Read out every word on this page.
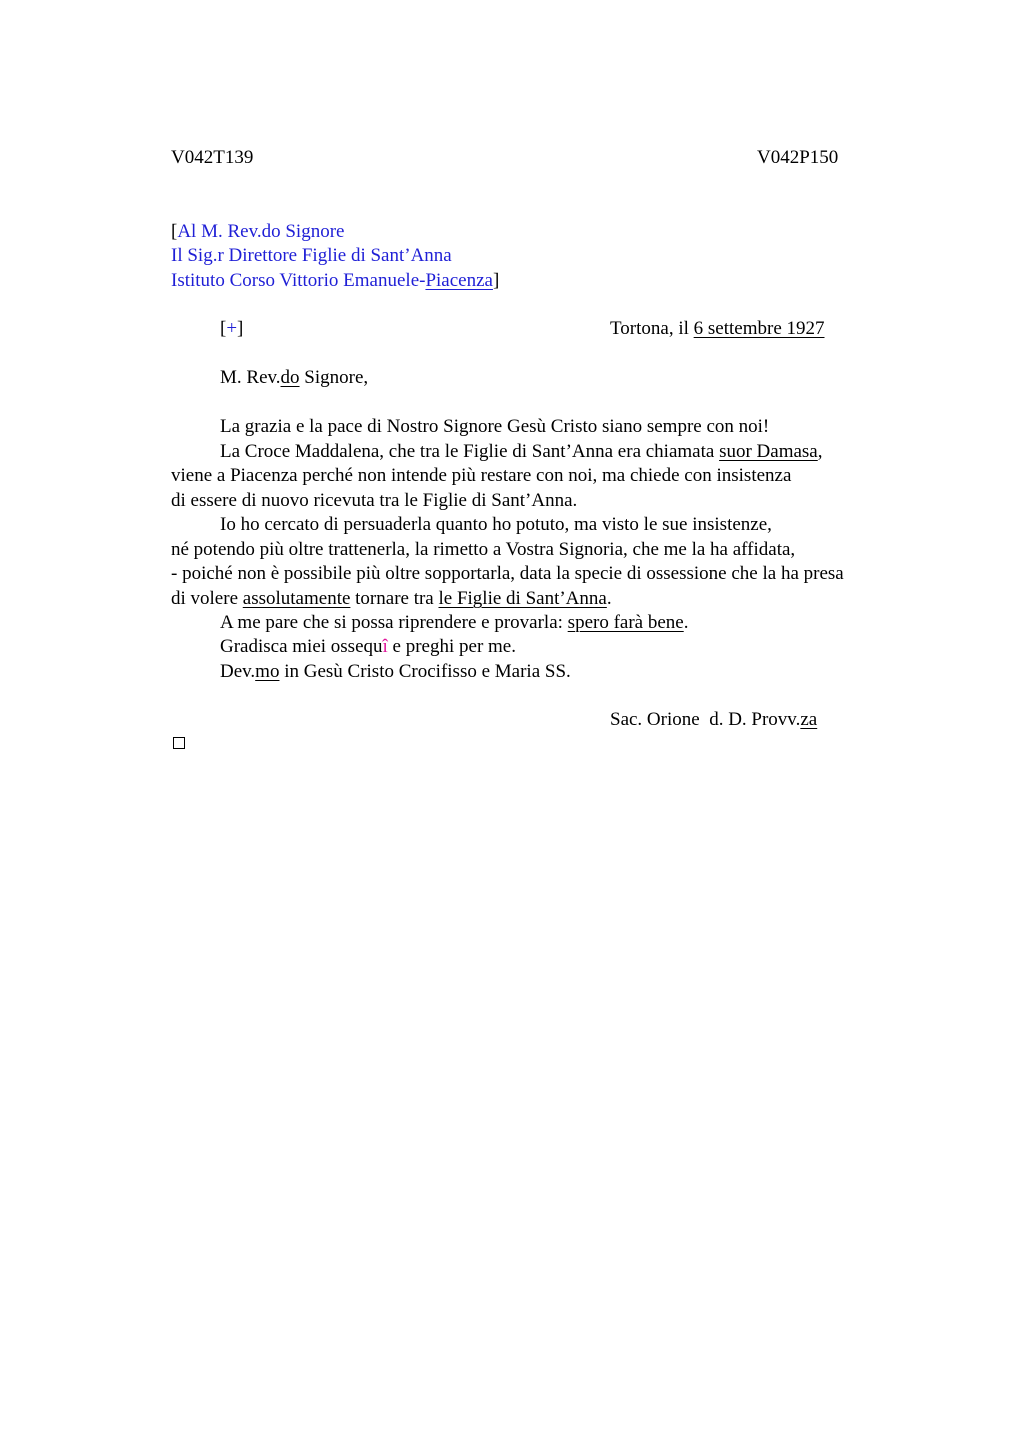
V042T139	V042P150
[Al M. Rev.do Signore
Il Sig.r Direttore Figlie di Sant’Anna
Istituto Corso Vittorio Emanuele-Piacenza]
[+]	Tortona, il 6 settembre 1927
M. Rev.do Signore,
La grazia e la pace di Nostro Signore Gesù Cristo siano sempre con noi!
La Croce Maddalena, che tra le Figlie di Sant’Anna era chiamata suor Damasa,
viene a Piacenza perché non intende più restare con noi, ma chiede con insistenza
di essere di nuovo ricevuta tra le Figlie di Sant’Anna.
Io ho cercato di persuaderla quanto ho potuto, ma visto le sue insistenze,
né potendo più oltre trattenerla, la rimetto a Vostra Signoria, che me la ha affidata,
- poiché non è possibile più oltre sopportarla, data la specie di ossessione che la ha presa
di volere assolutamente tornare tra le Figlie di Sant’Anna.
A me pare che si possa riprendere e provarla: spero farà bene.
Gradisca miei ossequî e preghi per me.
Dev.mo in Gesù Cristo Crocifisso e Maria SS.
Sac. Orione  d. D. Provv.za
